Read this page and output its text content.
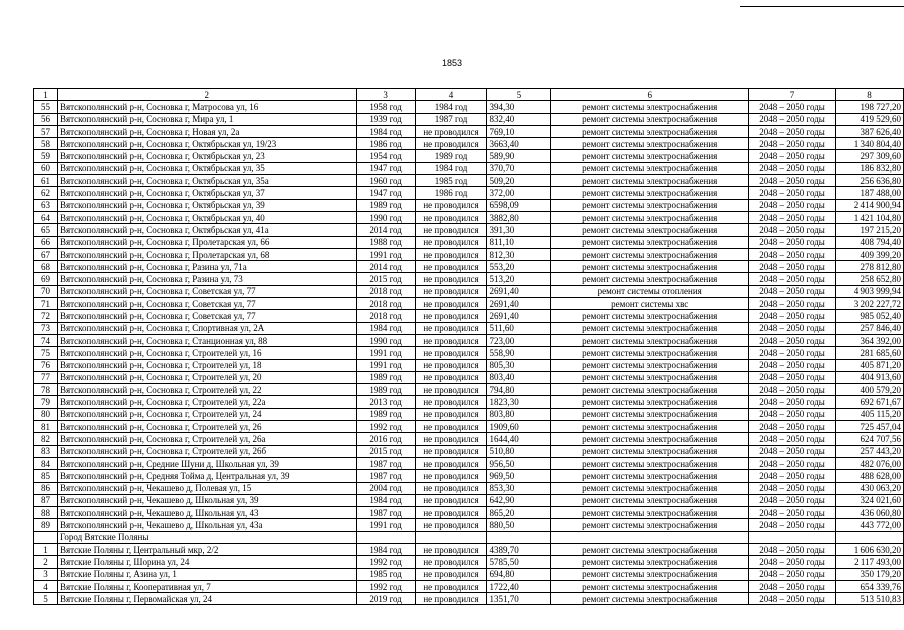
1853
1	2	3	4	5	6	7	8
55	Вятскополянский р-н, Сосновка г, Матросова ул, 16	1958 год	1984 год	394,30	ремонт системы электроснабжения	2048 – 2050 годы	198 727,20
56	Вятскополянский р-н, Сосновка г, Мира ул, 1	1939 год	1987 год	832,40	ремонт системы электроснабжения	2048 – 2050 годы	419 529,60
57	Вятскополянский р-н, Сосновка г, Новая ул, 2а	1984 год	не проводился	769,10	ремонт системы электроснабжения	2048 – 2050 годы	387 626,40
58	Вятскополянский р-н, Сосновка г, Октябрьская ул, 19/23	1986 год	не проводился	3663,40	ремонт системы электроснабжения	2048 – 2050 годы	1 340 804,40
59	Вятскополянский р-н, Сосновка г, Октябрьская ул, 23	1954 год	1989 год	589,90	ремонт системы электроснабжения	2048 – 2050 годы	297 309,60
60	Вятскополянский р-н, Сосновка г, Октябрьская ул, 35	1947 год	1984 год	370,70	ремонт системы электроснабжения	2048 – 2050 годы	186 832,80
61	Вятскополянский р-н, Сосновка г, Октябрьская ул, 35а	1960 год	1985 год	509,20	ремонт системы электроснабжения	2048 – 2050 годы	256 636,80
62	Вятскополянский р-н, Сосновка г, Октябрьская ул, 37	1947 год	1986 год	372,00	ремонт системы электроснабжения	2048 – 2050 годы	187 488,00
63	Вятскополянский р-н, Сосновка г, Октябрьская ул, 39	1989 год	не проводился	6598,09	ремонт системы электроснабжения	2048 – 2050 годы	2 414 900,94
64	Вятскополянский р-н, Сосновка г, Октябрьская ул, 40	1990 год	не проводился	3882,80	ремонт системы электроснабжения	2048 – 2050 годы	1 421 104,80
65	Вятскополянский р-н, Сосновка г, Октябрьская ул, 41а	2014 год	не проводился	391,30	ремонт системы электроснабжения	2048 – 2050 годы	197 215,20
66	Вятскополянский р-н, Сосновка г, Пролетарская ул, 66	1988 год	не проводился	811,10	ремонт системы электроснабжения	2048 – 2050 годы	408 794,40
67	Вятскополянский р-н, Сосновка г, Пролетарская ул, 68	1991 год	не проводился	812,30	ремонт системы электроснабжения	2048 – 2050 годы	409 399,20
68	Вятскополянский р-н, Сосновка г, Разина ул, 71а	2014 год	не проводился	553,20	ремонт системы электроснабжения	2048 – 2050 годы	278 812,80
69	Вятскополянский р-н, Сосновка г, Разина ул, 73	2015 год	не проводился	513,20	ремонт системы электроснабжения	2048 – 2050 годы	258 652,80
70	Вятскополянский р-н, Сосновка г, Советская ул, 77	2018 год	не проводился	2691,40	ремонт системы отопления	2048 – 2050 годы	4 903 999,94
71	Вятскополянский р-н, Сосновка г, Советская ул, 77	2018 год	не проводился	2691,40	ремонт системы хвс	2048 – 2050 годы	3 202 227,72
72	Вятскополянский р-н, Сосновка г, Советская ул, 77	2018 год	не проводился	2691,40	ремонт системы электроснабжения	2048 – 2050 годы	985 052,40
73	Вятскополянский р-н, Сосновка г, Спортивная ул, 2А	1984 год	не проводился	511,60	ремонт системы электроснабжения	2048 – 2050 годы	257 846,40
74	Вятскополянский р-н, Сосновка г, Станционная ул, 88	1990 год	не проводился	723,00	ремонт системы электроснабжения	2048 – 2050 годы	364 392,00
75	Вятскополянский р-н, Сосновка г, Строителей ул, 16	1991 год	не проводился	558,90	ремонт системы электроснабжения	2048 – 2050 годы	281 685,60
76	Вятскополянский р-н, Сосновка г, Строителей ул, 18	1991 год	не проводился	805,30	ремонт системы электроснабжения	2048 – 2050 годы	405 871,20
77	Вятскополянский р-н, Сосновка г, Строителей ул, 20	1989 год	не проводился	803,40	ремонт системы электроснабжения	2048 – 2050 годы	404 913,60
78	Вятскополянский р-н, Сосновка г, Строителей ул, 22	1989 год	не проводился	794,80	ремонт системы электроснабжения	2048 – 2050 годы	400 579,20
79	Вятскополянский р-н, Сосновка г, Строителей ул, 22а	2013 год	не проводился	1823,30	ремонт системы электроснабжения	2048 – 2050 годы	692 671,67
80	Вятскополянский р-н, Сосновка г, Строителей ул, 24	1989 год	не проводился	803,80	ремонт системы электроснабжения	2048 – 2050 годы	405 115,20
81	Вятскополянский р-н, Сосновка г, Строителей ул, 26	1992 год	не проводился	1909,60	ремонт системы электроснабжения	2048 – 2050 годы	725 457,04
82	Вятскополянский р-н, Сосновка г, Строителей ул, 26а	2016 год	не проводился	1644,40	ремонт системы электроснабжения	2048 – 2050 годы	624 707,56
83	Вятскополянский р-н, Сосновка г, Строителей ул, 26б	2015 год	не проводился	510,80	ремонт системы электроснабжения	2048 – 2050 годы	257 443,20
84	Вятскополянский р-н, Средние Шуни д, Школьная ул, 39	1987 год	не проводился	956,50	ремонт системы электроснабжения	2048 – 2050 годы	482 076,00
85	Вятскополянский р-н, Средняя Тойма д, Центральная ул, 39	1987 год	не проводился	969,50	ремонт системы электроснабжения	2048 – 2050 годы	488 628,00
86	Вятскополянский р-н, Чекашево д, Полевая ул, 15	2004 год	не проводился	853,30	ремонт системы электроснабжения	2048 – 2050 годы	430 063,20
87	Вятскополянский р-н, Чекашево д, Школьная ул, 39	1984 год	не проводился	642,90	ремонт системы электроснабжения	2048 – 2050 годы	324 021,60
88	Вятскополянский р-н, Чекашево д, Школьная ул, 43	1987 год	не проводился	865,20	ремонт системы электроснабжения	2048 – 2050 годы	436 060,80
89	Вятскополянский р-н, Чекашево д, Школьная ул, 43а	1991 год	не проводился	880,50	ремонт системы электроснабжения	2048 – 2050 годы	443 772,00
	Город Вятские Поляны						
1	Вятские Поляны г, Центральный мкр, 2/2	1984 год	не проводился	4389,70	ремонт системы электроснабжения	2048 – 2050 годы	1 606 630,20
2	Вятские Поляны г, Шорина ул, 24	1992 год	не проводился	5785,50	ремонт системы электроснабжения	2048 – 2050 годы	2 117 493,00
3	Вятские Поляны г, Азина ул, 1	1985 год	не проводился	694,80	ремонт системы электроснабжения	2048 – 2050 годы	350 179,20
4	Вятские Поляны г, Кооперативная ул, 7	1992 год	не проводился	1722,40	ремонт системы электроснабжения	2048 – 2050 годы	654 339,76
5	Вятские Поляны г, Первомайская ул, 24	2019 год	не проводился	1351,70	ремонт системы электроснабжения	2048 – 2050 годы	513 510,83
